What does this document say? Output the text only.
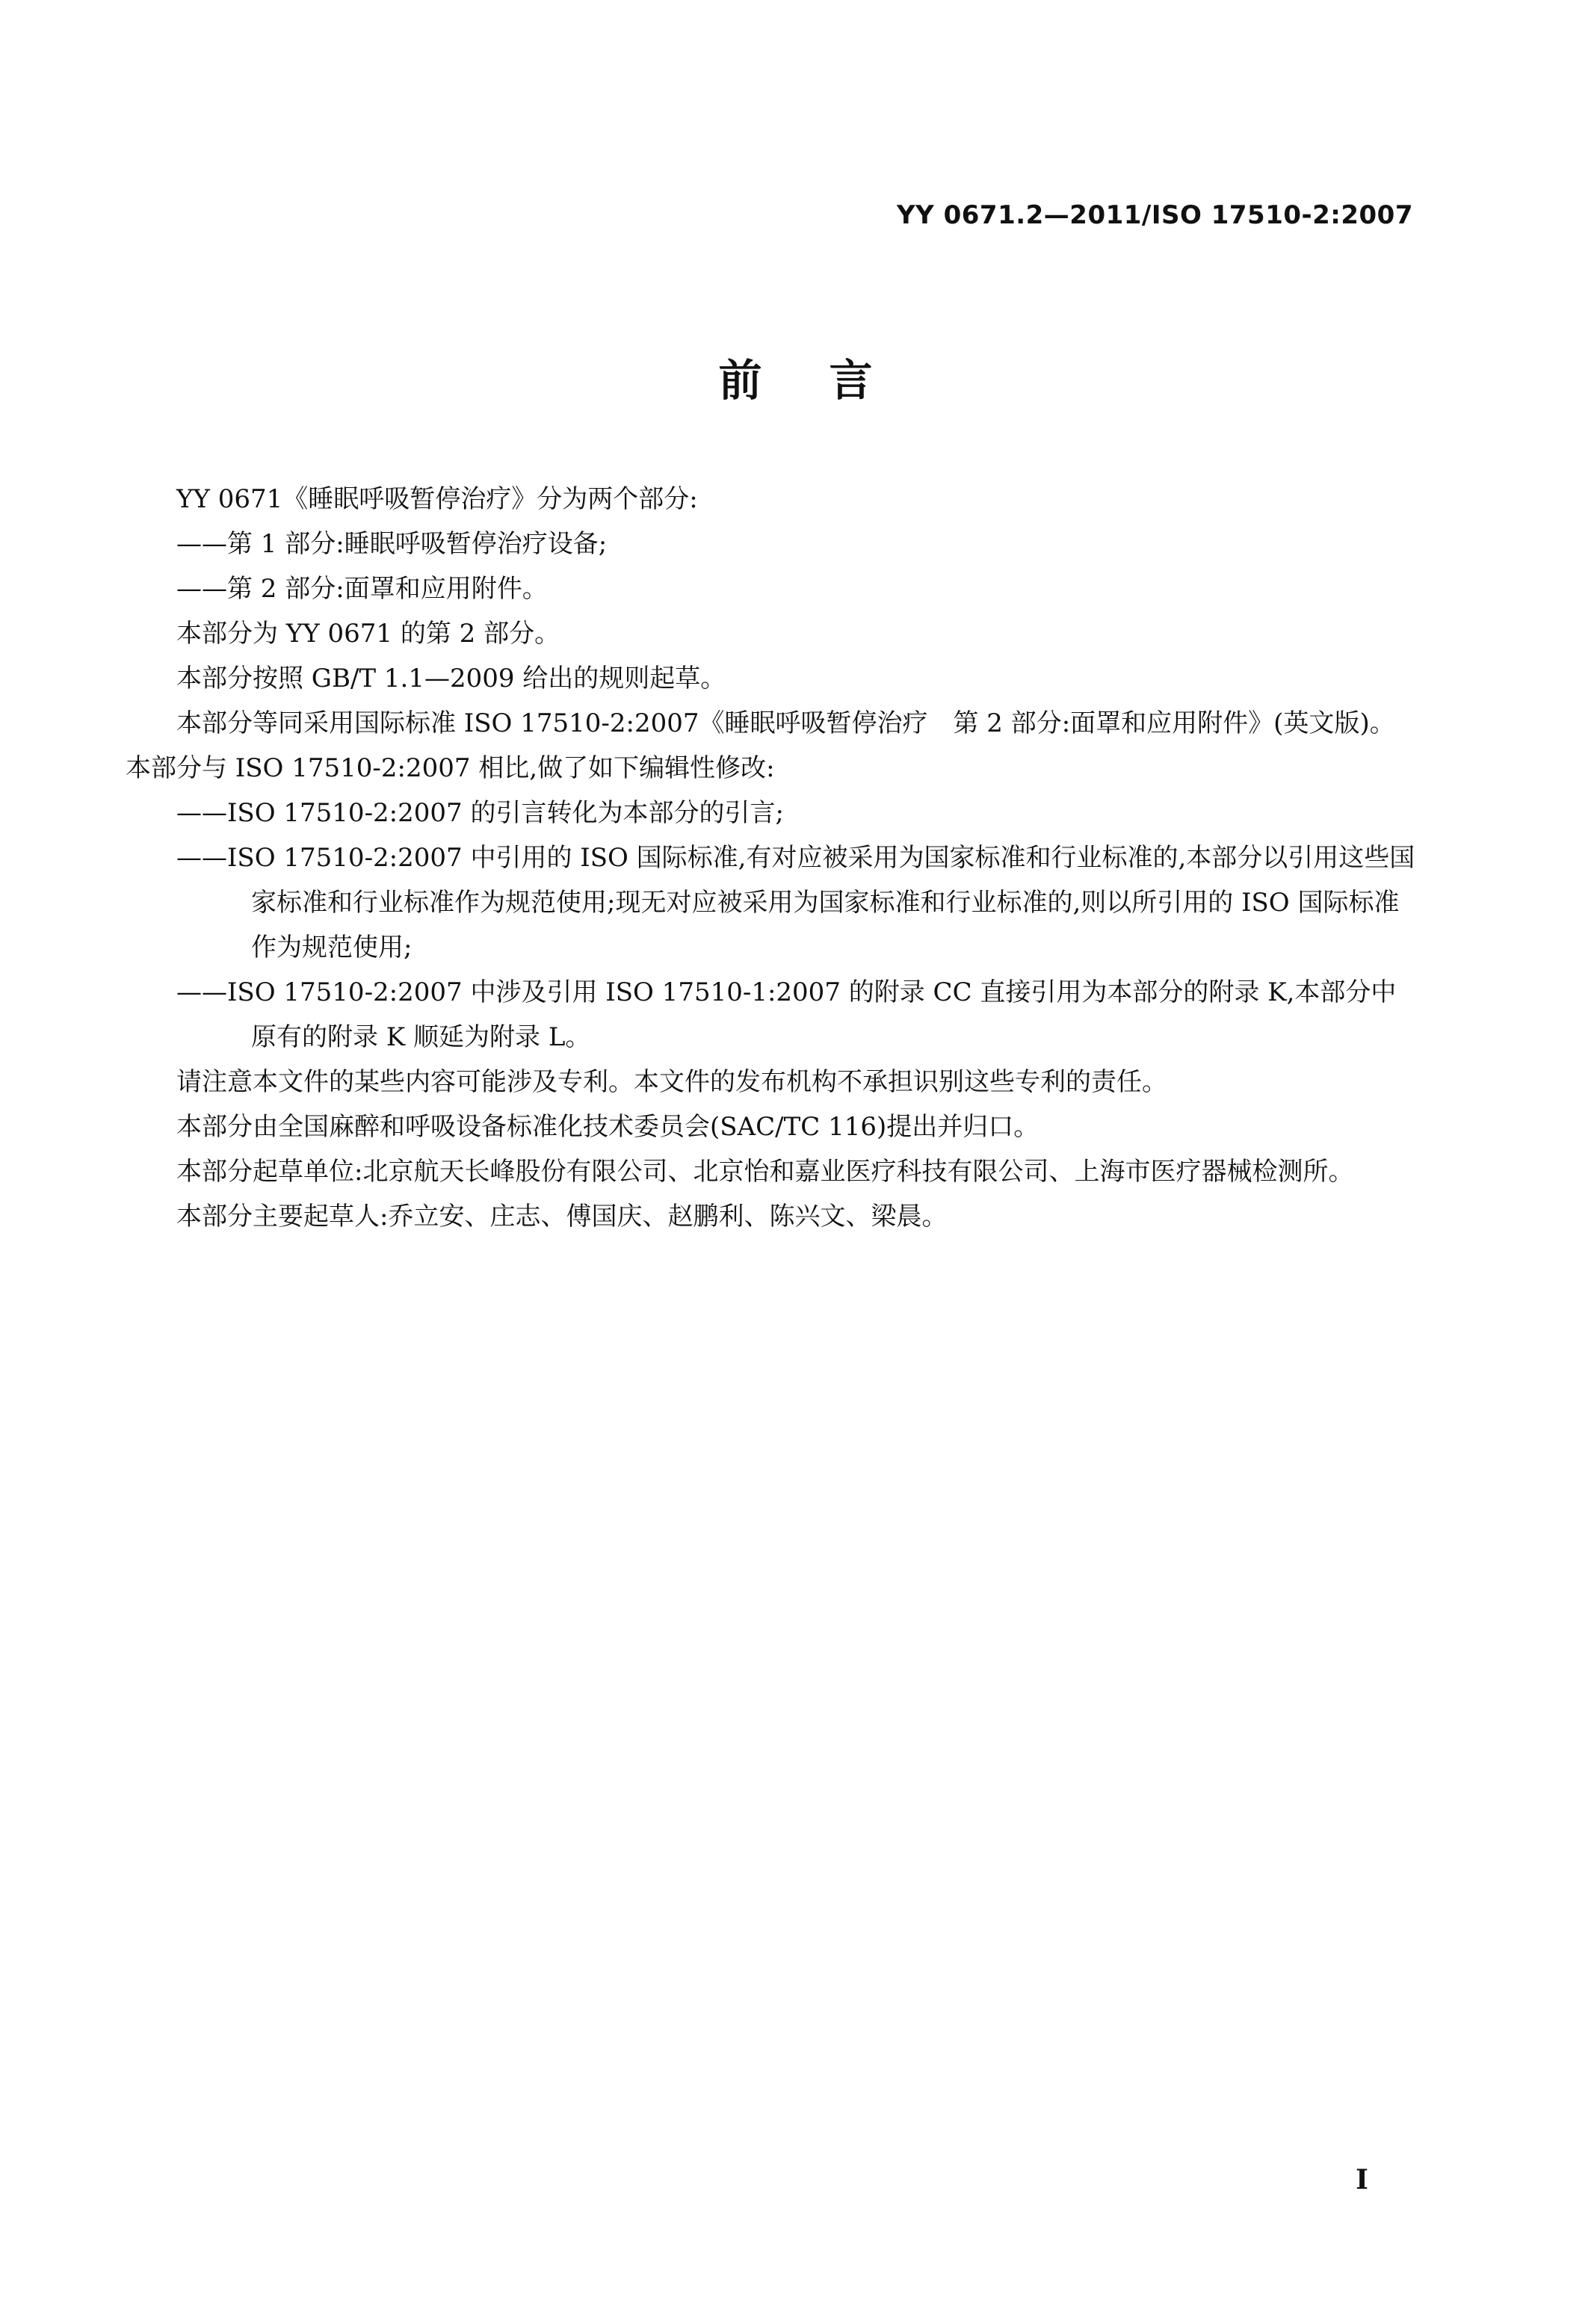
YY 0671.2—2011/ISO 17510-2:2007
前言

YY 0671《睡眠呼吸暂停治疗》分为两个部分:

——第 1 部分:睡眠呼吸暂停治疗设备;

——第 2 部分:面罩和应用附件。

本部分为 YY 0671 的第 2 部分。

本部分按照 GB/T 1.1—2009 给出的规则起草。

本部分等同采用国际标准 ISO 17510-2:2007《睡眠呼吸暂停治疗　第 2 部分:面罩和应用附件》(英文版)。本部分与 ISO 17510-2:2007 相比,做了如下编辑性修改:

——ISO 17510-2:2007 的引言转化为本部分的引言;

——ISO 17510-2:2007 中引用的 ISO 国际标准,有对应被采用为国家标准和行业标准的,本部分以引用这些国家标准和行业标准作为规范使用;现无对应被采用为国家标准和行业标准的,则以所引用的 ISO 国际标准作为规范使用;

——ISO 17510-2:2007 中涉及引用 ISO 17510-1:2007 的附录 CC 直接引用为本部分的附录 K,本部分中原有的附录 K 顺延为附录 L。

请注意本文件的某些内容可能涉及专利。本文件的发布机构不承担识别这些专利的责任。

本部分由全国麻醉和呼吸设备标准化技术委员会(SAC/TC 116)提出并归口。

本部分起草单位:北京航天长峰股份有限公司、北京怡和嘉业医疗科技有限公司、上海市医疗器械检测所。

本部分主要起草人:乔立安、庄志、傅国庆、赵鹏利、陈兴文、梁晨。

I
